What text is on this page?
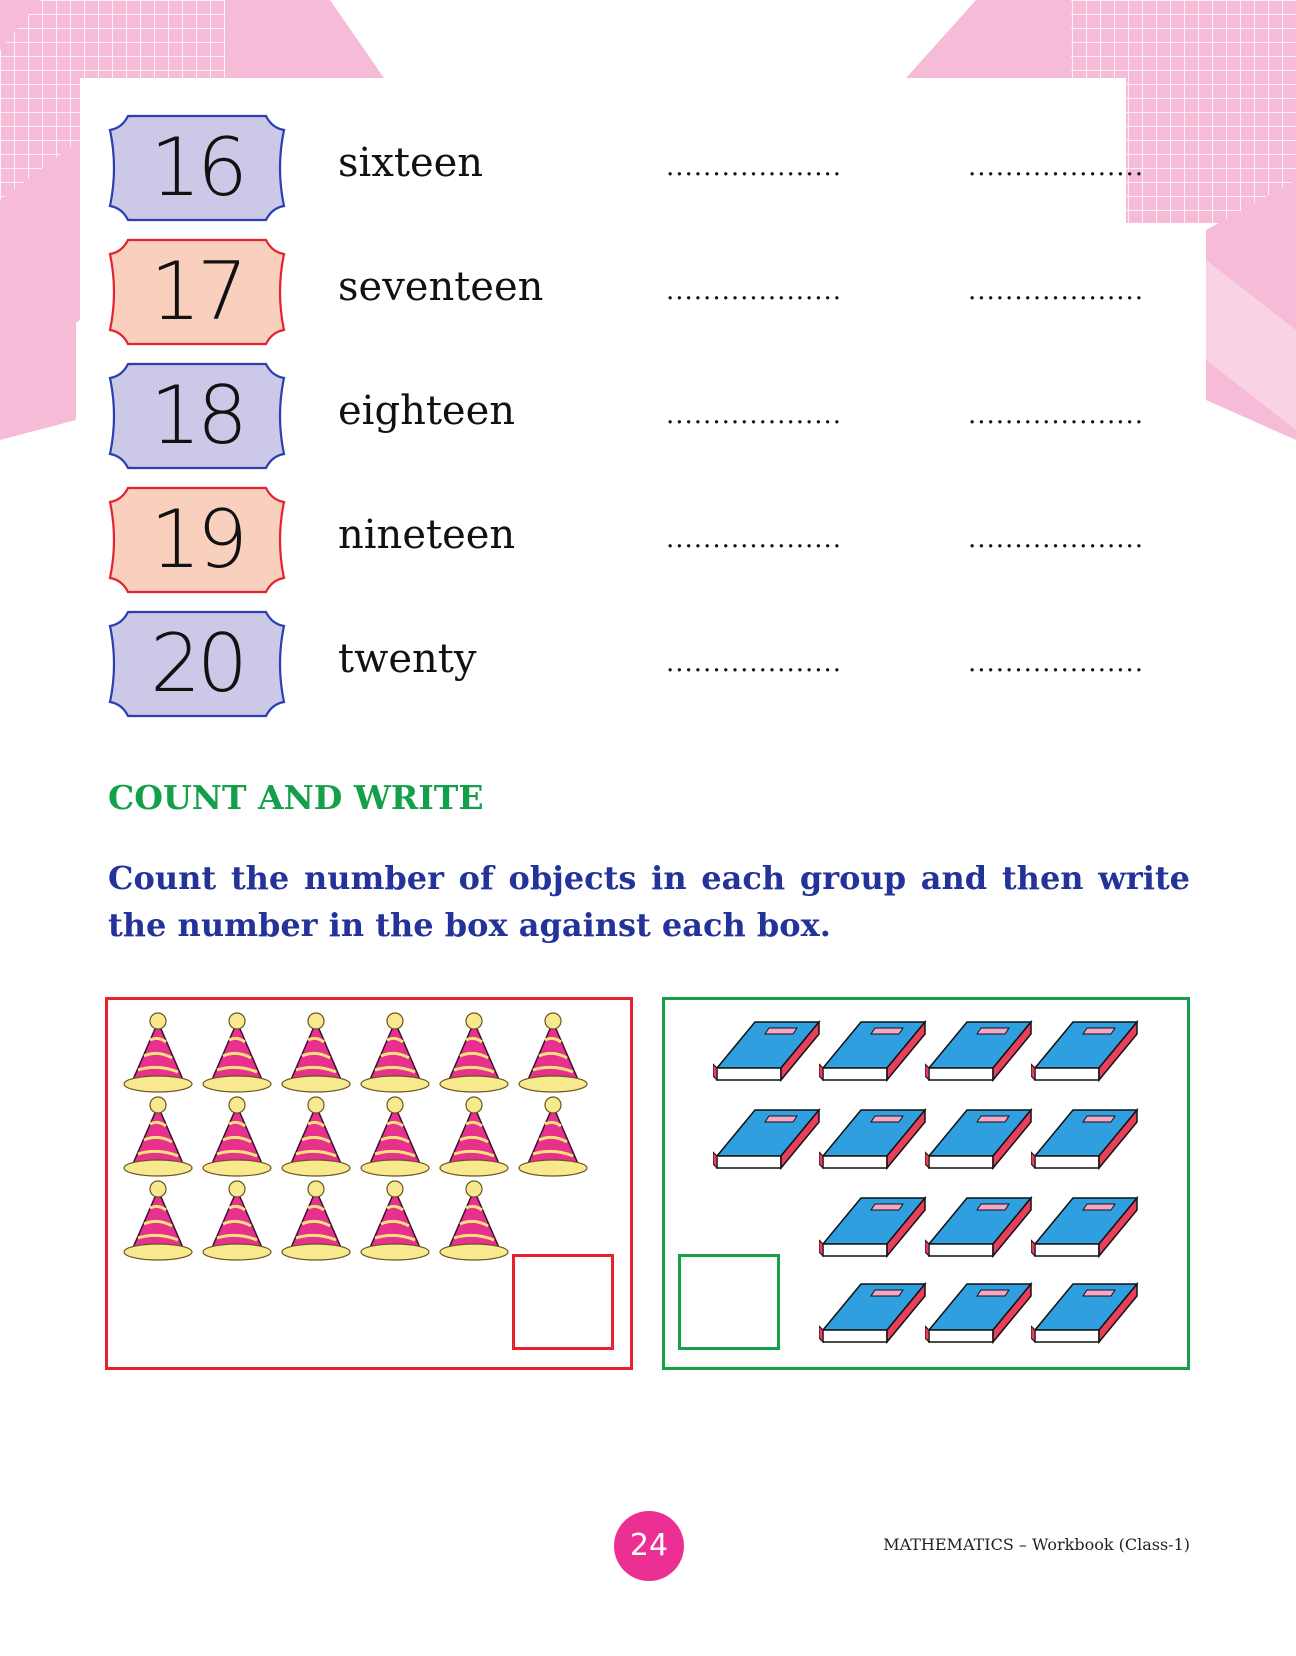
16	sixteen	...................	...................
17	seventeen	...................	...................
18	eighteen	...................	...................
19	nineteen	...................	...................
20	twenty	...................	...................
COUNT AND WRITE

Count the number of objects in each group and then write the number in the box against each box.

24	MATHEMATICS – Workbook (Class-1)
